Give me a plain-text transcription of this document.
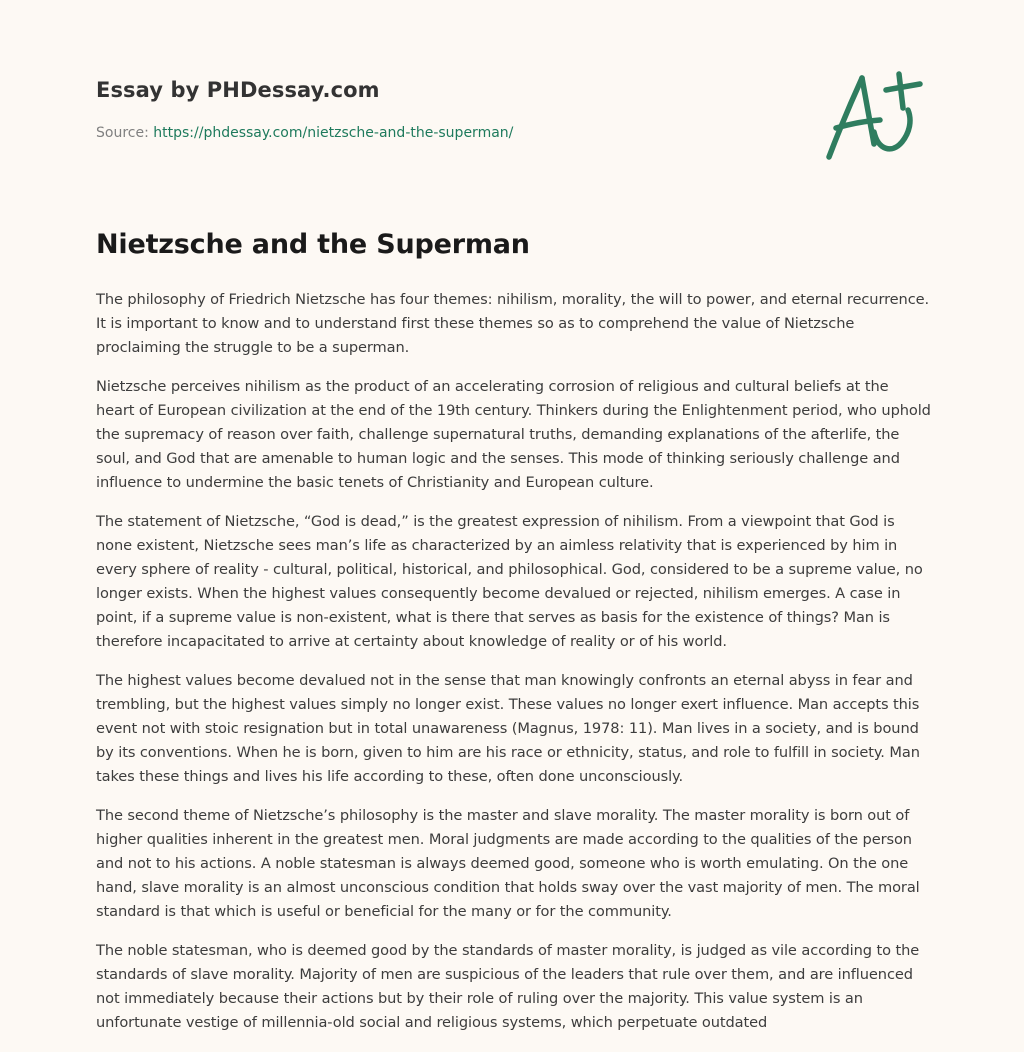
Essay by PHDessay.com
Source: https://phdessay.com/nietzsche-and-the-superman/
Nietzsche and the Superman

The philosophy of Friedrich Nietzsche has four themes: nihilism, morality, the will to power, and eternal recurrence. It is important to know and to understand first these themes so as to comprehend the value of Nietzsche proclaiming the struggle to be a superman.

Nietzsche perceives nihilism as the product of an accelerating corrosion of religious and cultural beliefs at the heart of European civilization at the end of the 19th century. Thinkers during the Enlightenment period, who uphold the supremacy of reason over faith, challenge supernatural truths, demanding explanations of the afterlife, the soul, and God that are amenable to human logic and the senses. This mode of thinking seriously challenge and influence to undermine the basic tenets of Christianity and European culture.

The statement of Nietzsche, “God is dead,” is the greatest expression of nihilism. From a viewpoint that God is none existent, Nietzsche sees man’s life as characterized by an aimless relativity that is experienced by him in every sphere of reality - cultural, political, historical, and philosophical. God, considered to be a supreme value, no longer exists. When the highest values consequently become devalued or rejected, nihilism emerges. A case in point, if a supreme value is non-existent, what is there that serves as basis for the existence of things? Man is therefore incapacitated to arrive at certainty about knowledge of reality or of his world.

The highest values become devalued not in the sense that man knowingly confronts an eternal abyss in fear and trembling, but the highest values simply no longer exist. These values no longer exert influence. Man accepts this event not with stoic resignation but in total unawareness (Magnus, 1978: 11). Man lives in a society, and is bound by its conventions. When he is born, given to him are his race or ethnicity, status, and role to fulfill in society. Man takes these things and lives his life according to these, often done unconsciously.

The second theme of Nietzsche’s philosophy is the master and slave morality. The master morality is born out of higher qualities inherent in the greatest men. Moral judgments are made according to the qualities of the person and not to his actions. A noble statesman is always deemed good, someone who is worth emulating. On the one hand, slave morality is an almost unconscious condition that holds sway over the vast majority of men. The moral standard is that which is useful or beneficial for the many or for the community.

The noble statesman, who is deemed good by the standards of master morality, is judged as vile according to the standards of slave morality. Majority of men are suspicious of the leaders that rule over them, and are influenced not immediately because their actions but by their role of ruling over the majority. This value system is an unfortunate vestige of millennia-old social and religious systems, which perpetuate outdated
